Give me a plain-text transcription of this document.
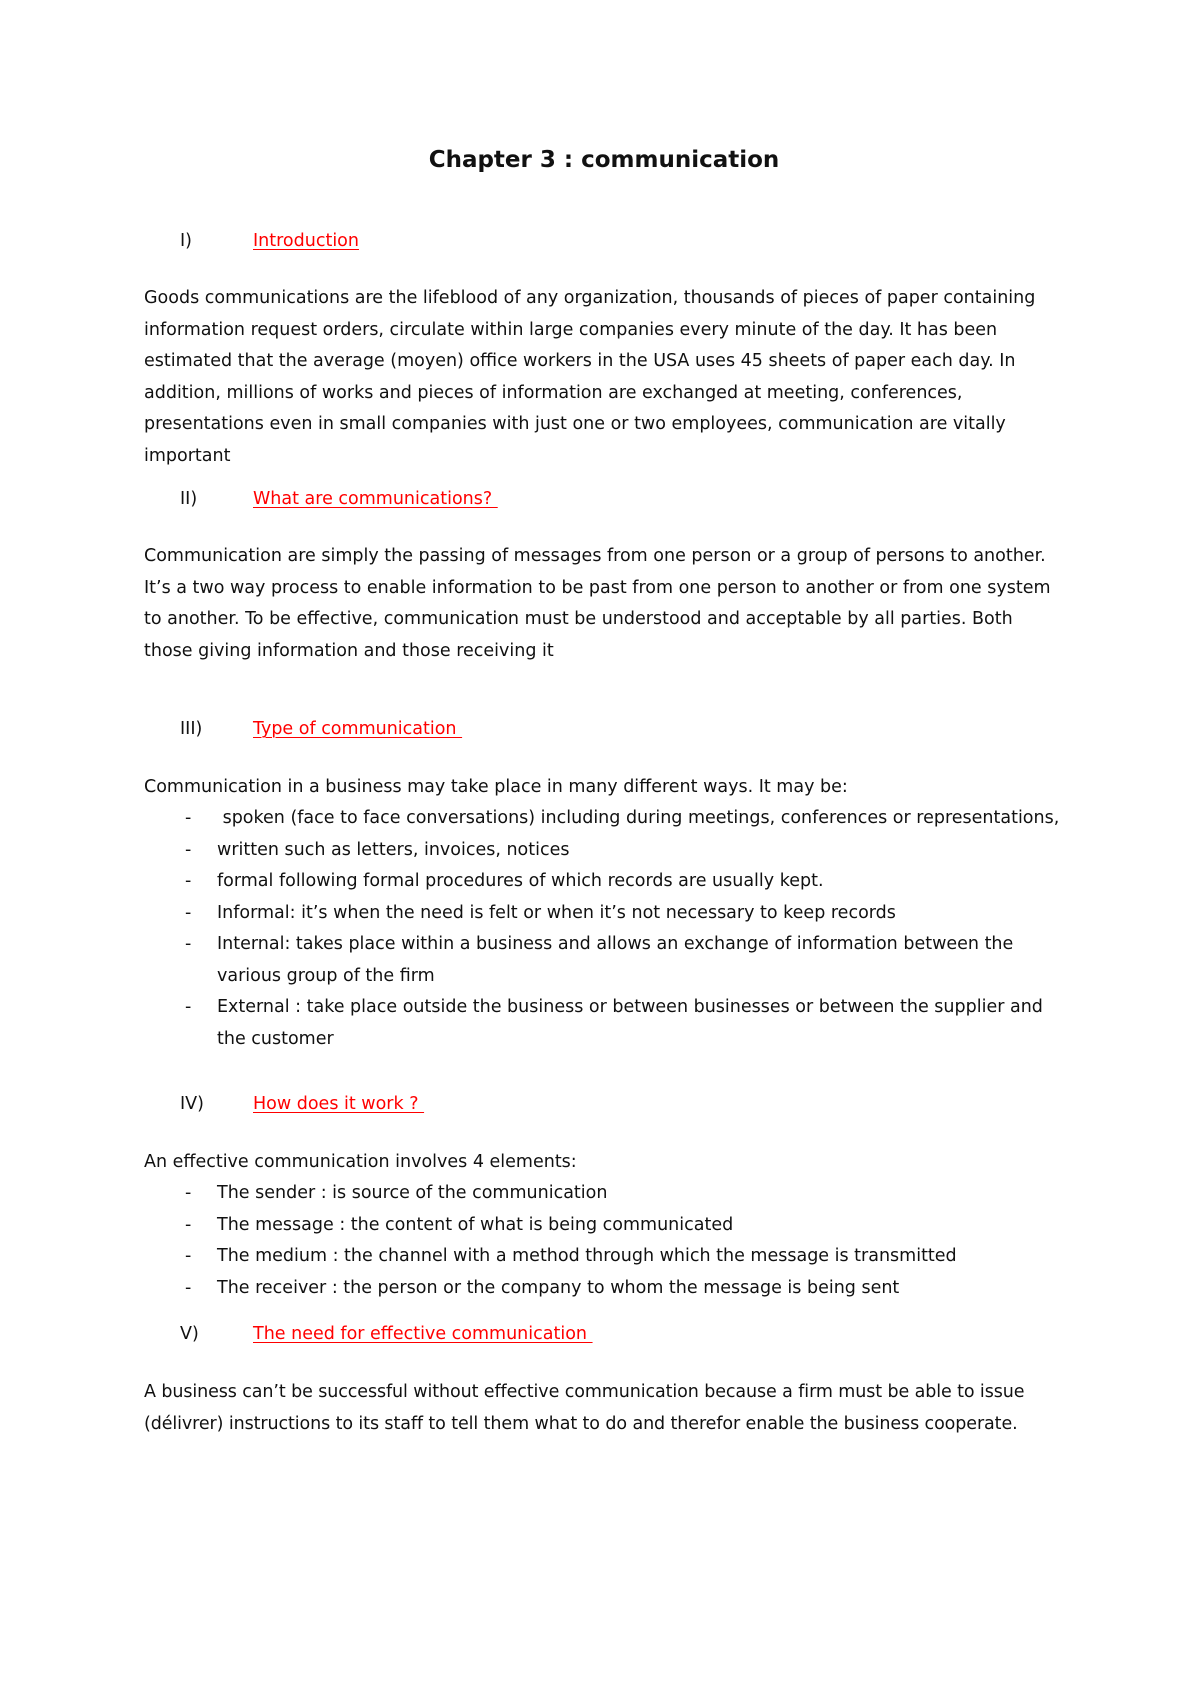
Chapter 3 : communication
I)	Introduction

Goods communications are the lifeblood of any organization, thousands of pieces of paper containing information request orders, circulate within large companies every minute of the day. It has been estimated that the average (moyen) office workers in the USA uses 45 sheets of paper each day. In addition, millions of works and pieces of information are exchanged at meeting, conferences, presentations even in small companies with just one or two employees, communication are vitally important

II)	What are communications?

Communication are simply the passing of messages from one person or a group of persons to another.

It’s a two way process to enable information to be past from one person to another or from one system to another. To be effective, communication must be understood and acceptable by all parties. Both those giving information and those receiving it

III)	Type of communication

Communication in a business may take place in many different ways. It may be:

- spoken (face to face conversations) including during meetings, conferences or representations,
- written such as letters, invoices, notices
- formal following formal procedures of which records are usually kept.
- Informal: it’s when the need is felt or when it’s not necessary to keep records
- Internal: takes place within a business and allows an exchange of information between the various group of the firm
- External : take place outside the business or between businesses or between the supplier and the customer
IV)	How does it work ?

An effective communication involves 4 elements:

- The sender : is source of the communication
- The message : the content of what is being communicated
- The medium : the channel with a method through which the message is transmitted
- The receiver : the person or the company to whom the message is being sent
V)	The need for effective communication

A business can’t be successful without effective communication because a firm must be able to issue (délivrer) instructions to its staff to tell them what to do and therefor enable the business cooperate.
